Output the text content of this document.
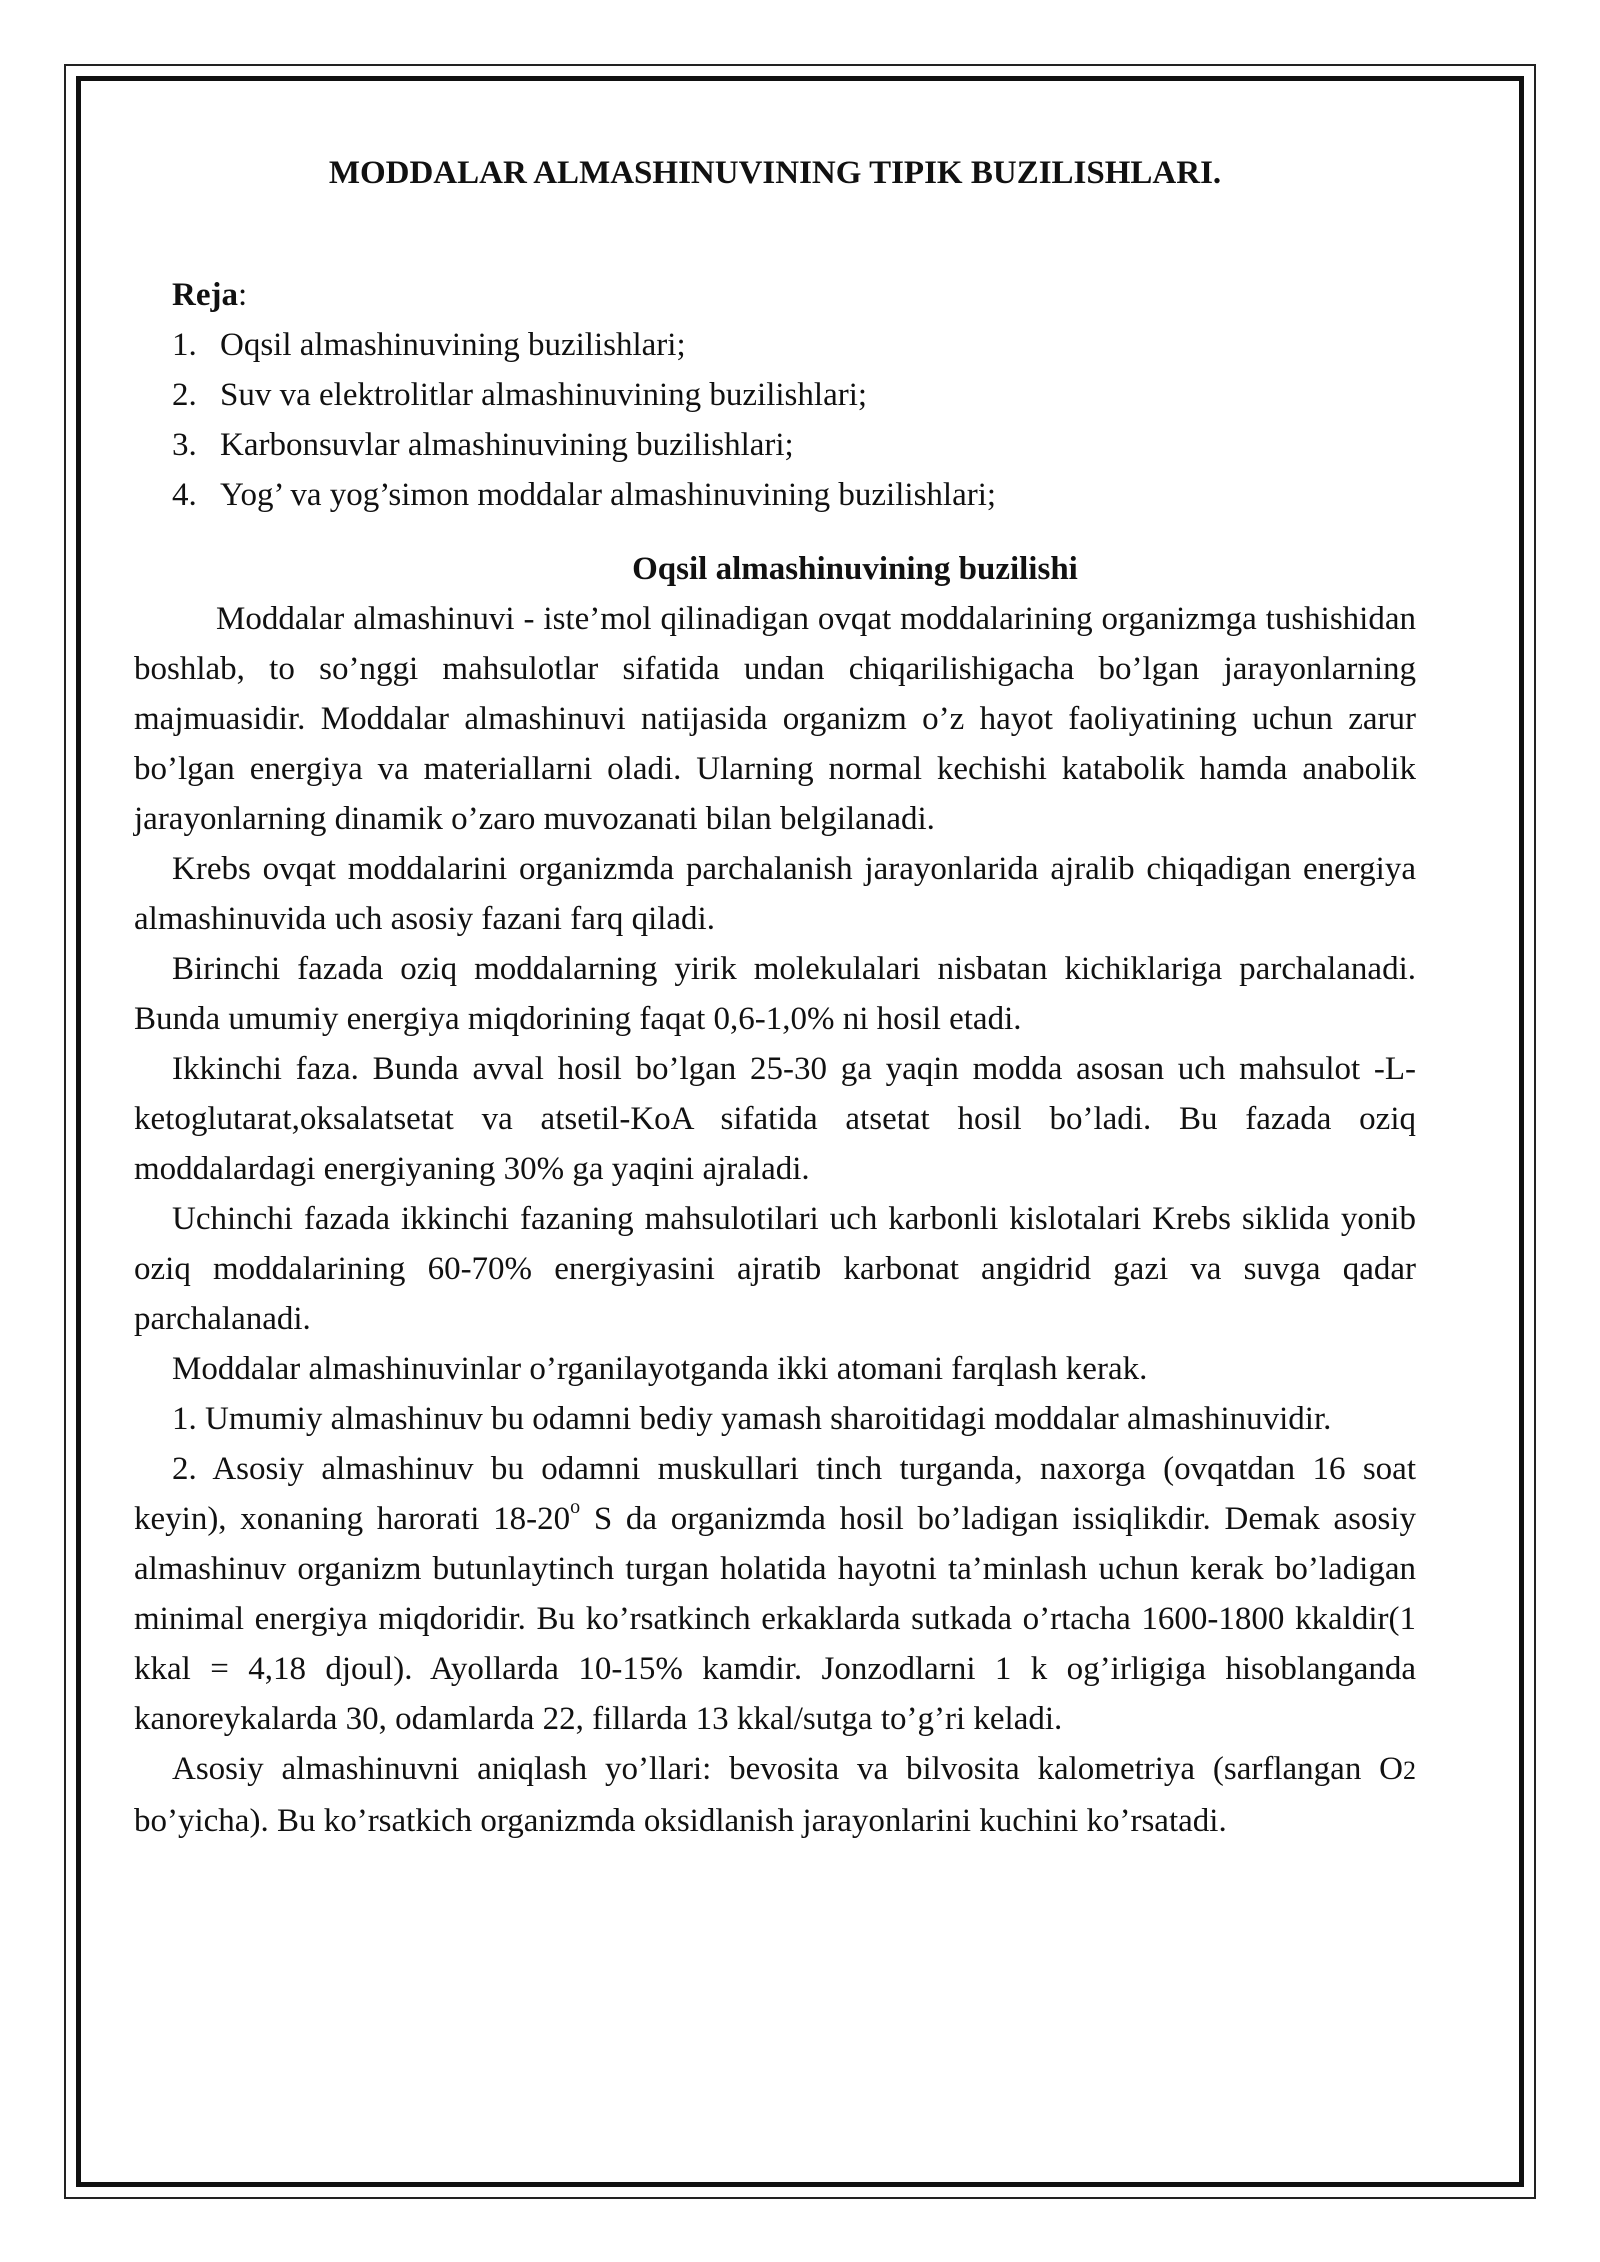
MODDALAR ALMASHINUVINING TIPIK BUZILISHLARI.
Reja:
1. Oqsil almashinuvining buzilishlari;
2. Suv va elektrolitlar almashinuvining buzilishlari;
3. Karbonsuvlar almashinuvining buzilishlari;
4. Yog’ va yog’simon moddalar almashinuvining buzilishlari;
Oqsil almashinuvining buzilishi

Moddalar almashinuvi - iste’mol qilinadigan ovqat moddalarining organizmga tushishidan boshlab, to so’nggi mahsulotlar sifatida undan chiqarilishigacha bo’lgan jarayonlarning majmuasidir. Moddalar almashinuvi natijasida organizm o’z hayot faoliyatining uchun zarur bo’lgan energiya va materiallarni oladi. Ularning normal kechishi katabolik hamda anabolik jarayonlarning dinamik o’zaro muvozanati bilan belgilanadi.

Krebs ovqat moddalarini organizmda parchalanish jarayonlarida ajralib chiqadigan energiya almashinuvida uch asosiy fazani farq qiladi.

Birinchi fazada oziq moddalarning yirik molekulalari nisbatan kichiklariga parchalanadi. Bunda umumiy energiya miqdorining faqat 0,6-1,0% ni hosil etadi.

Ikkinchi faza. Bunda avval hosil bo’lgan 25-30 ga yaqin modda asosan uch mahsulot -L-ketoglutarat,oksalatsetat va atsetil-KoA sifatida atsetat hosil bo’ladi. Bu fazada oziq moddalardagi energiyaning 30% ga yaqini ajraladi.

Uchinchi fazada ikkinchi fazaning mahsulotilari uch karbonli kislotalari Krebs siklida yonib oziq moddalarining 60-70% energiyasini ajratib karbonat angidrid gazi va suvga qadar parchalanadi.

Moddalar almashinuvinlar o’rganilayotganda ikki atomani farqlash kerak.

1. Umumiy almashinuv bu odamni bediy yamash sharoitidagi moddalar almashinuvidir.

2. Asosiy almashinuv bu odamni muskullari tinch turganda, naxorga (ovqatdan 16 soat keyin), xonaning harorati 18-20$^o$ S da organizmda hosil bo’ladigan issiqlikdir. Demak asosiy almashinuv organizm butunlaytinch turgan holatida hayotni ta’minlash uchun kerak bo’ladigan minimal energiya miqdoridir. Bu ko’rsatkinch erkaklarda sutkada o’rtacha 1600-1800 kkaldir(1 kkal = 4,18 djoul). Ayollarda 10-15% kamdir. Jonzodlarni 1 k og’irligiga hisoblanganda kanoreykalarda 30, odamlarda 22, fillarda 13 kkal/sutga to’g’ri keladi.

Asosiy almashinuvni aniqlash yo’llari: bevosita va bilvosita kalometriya (sarflangan O2 bo’yicha). Bu ko’rsatkich organizmda oksidlanish jarayonlarini kuchini ko’rsatadi.
